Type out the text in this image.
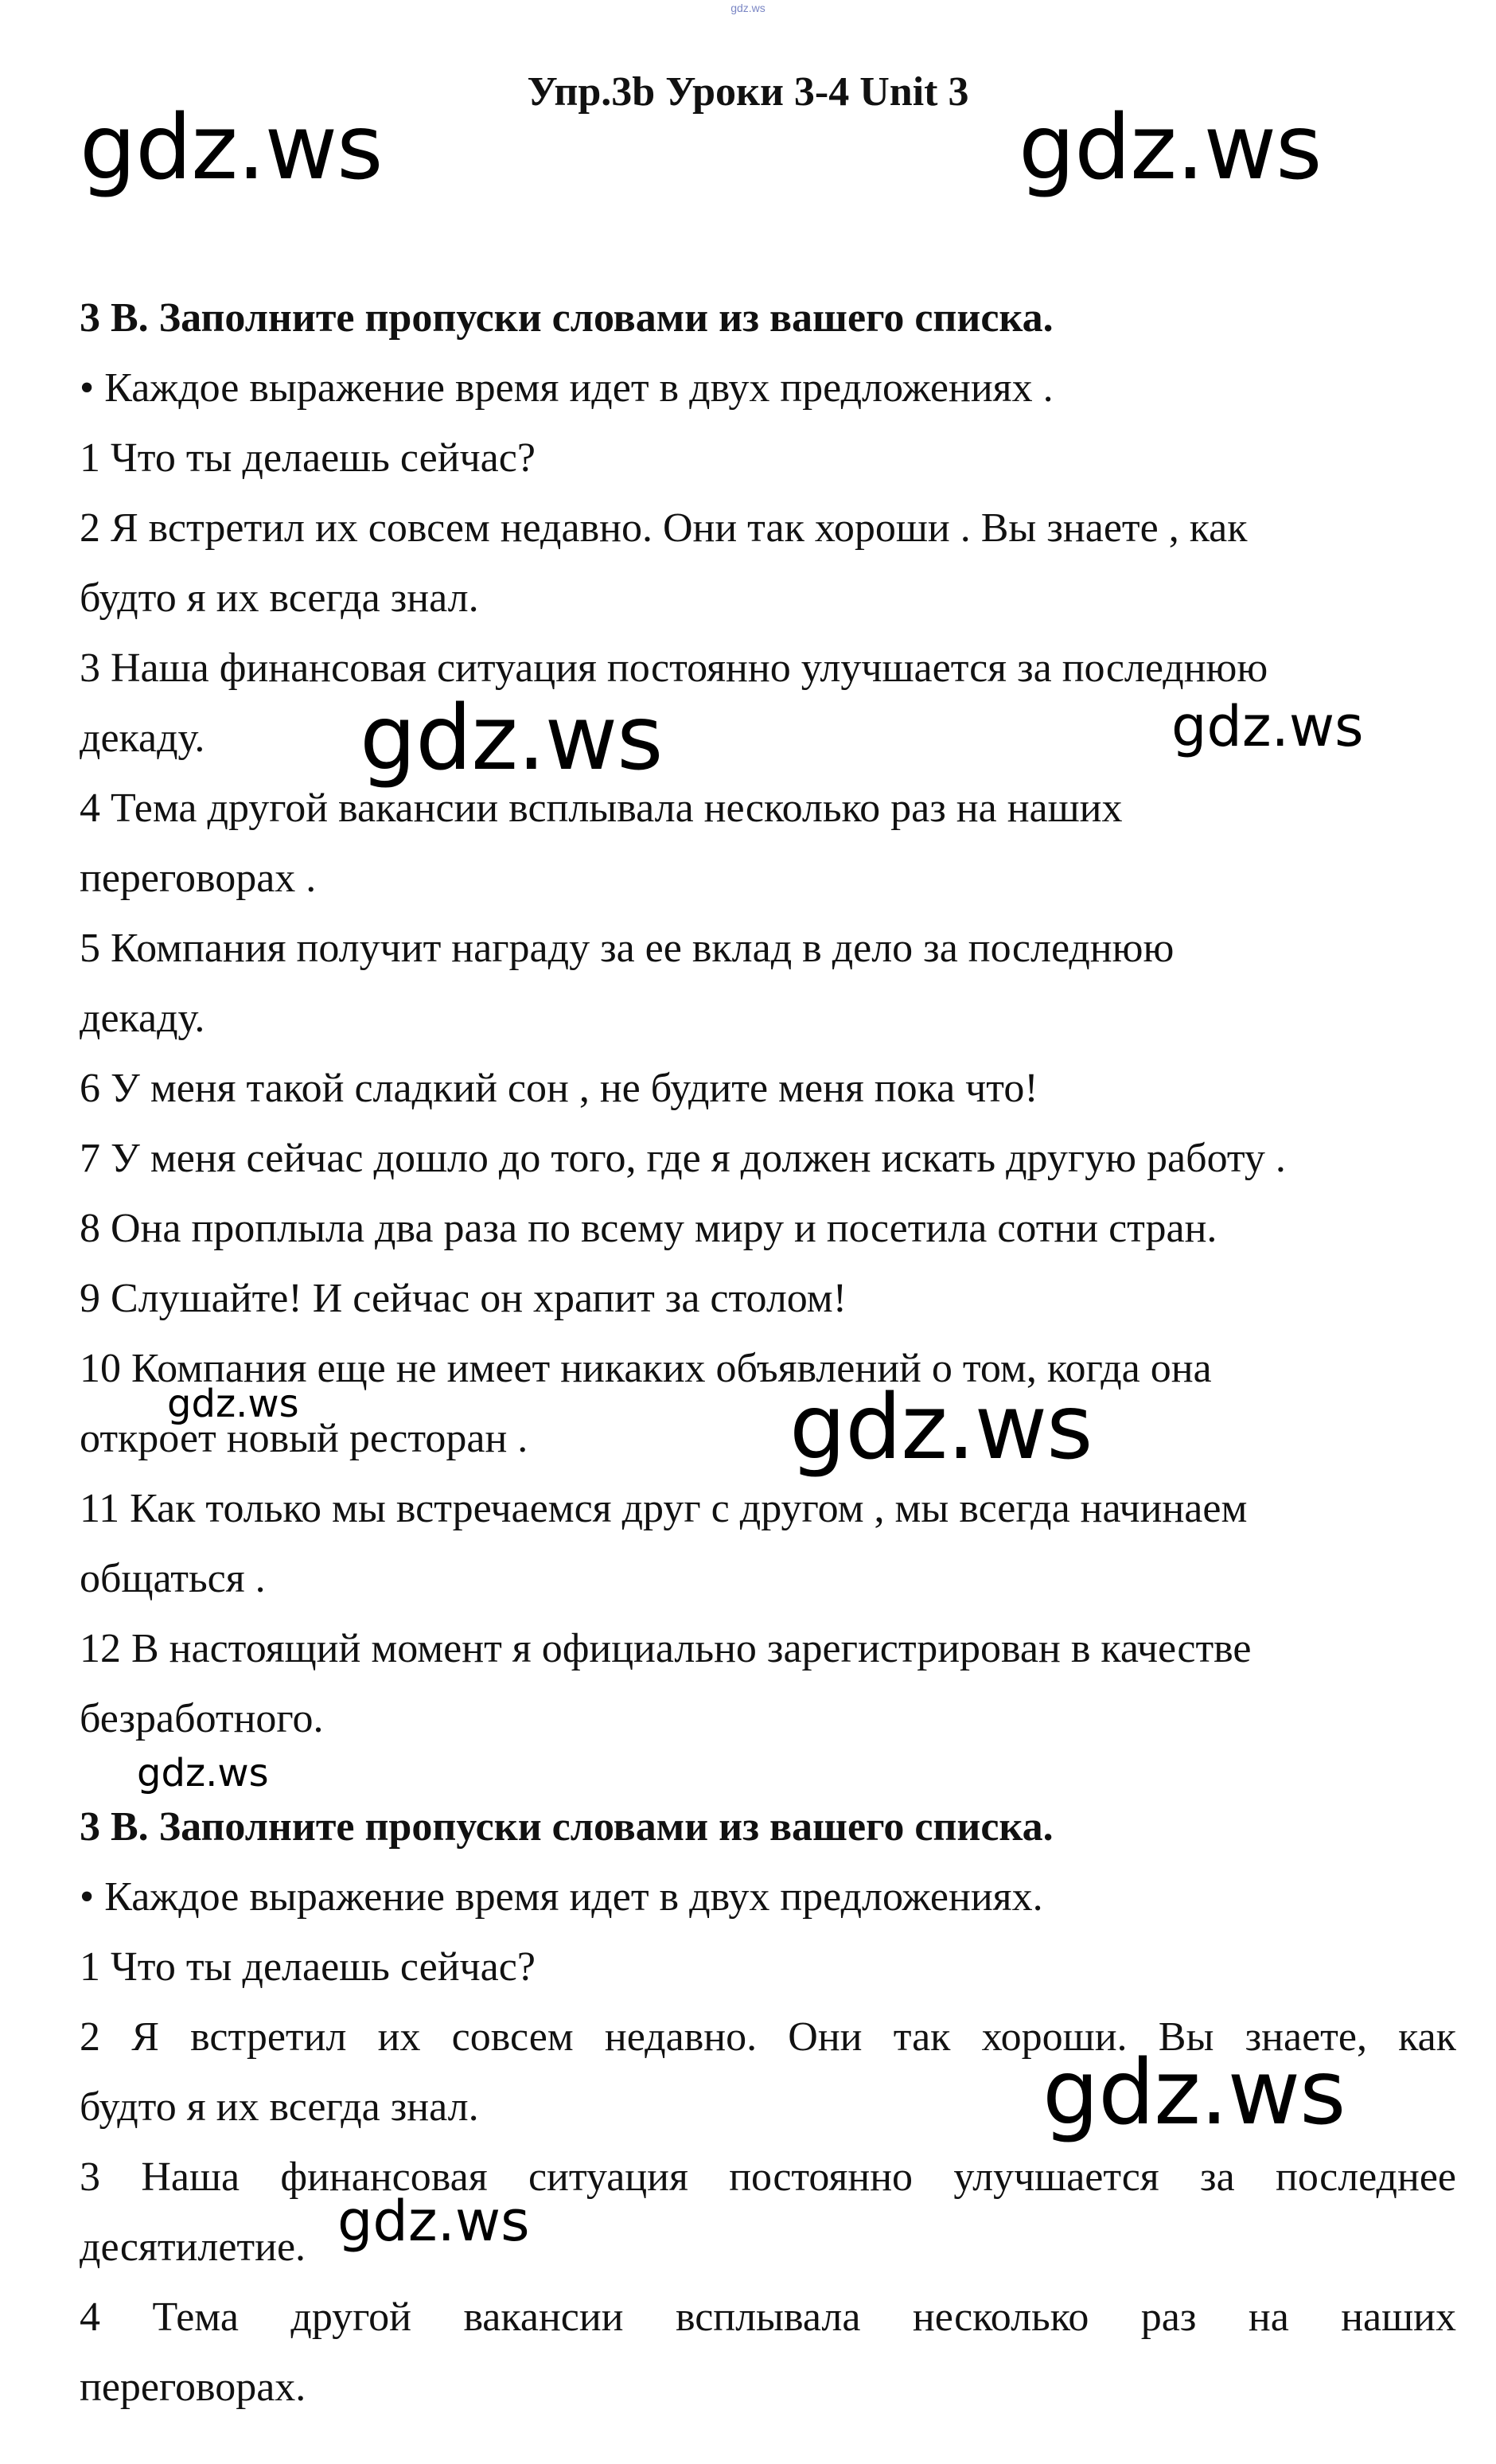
gdz.ws
Упр.3b Уроки 3-4 Unit 3

3 B. Заполните пропуски словами из вашего списка.

• Каждое выражение время идет в двух предложениях .

1 Что ты делаешь сейчас?

2 Я встретил их совсем недавно. Они так хороши . Вы знаете , как

будто я их всегда знал.

3 Наша финансовая ситуация постоянно улучшается за последнюю

декаду.

4 Тема другой вакансии всплывала несколько раз на наших

переговорах .

5 Компания получит награду за ее вклад в дело за последнюю

декаду.

6 У меня такой сладкий сон , не будите меня пока что!

7 У меня сейчас дошло до того, где я должен искать другую работу .

8 Она проплыла два раза по всему миру и посетила сотни стран.

9 Слушайте! И сейчас он храпит за столом!

10 Компания еще не имеет никаких объявлений о том, когда она

откроет новый ресторан .

11 Как только мы встречаемся друг с другом , мы всегда начинаем

общаться .

12 В настоящий момент я официально зарегистрирован в качестве

безработного.

3 B. Заполните пропуски словами из вашего списка.

• Каждое выражение время идет в двух предложениях.

1 Что ты делаешь сейчас?

2 Я встретил их совсем недавно. Они так хороши. Вы знаете, как

будто я их всегда знал.

3 Наша финансовая ситуация постоянно улучшается за последнее

десятилетие.

4 Тема другой вакансии всплывала несколько раз на наших

переговорах.

gdz.ws	gdz.ws
gdz.ws	gdz.ws
gdz.ws	gdz.ws
gdz.ws
gdz.ws
gdz.ws
